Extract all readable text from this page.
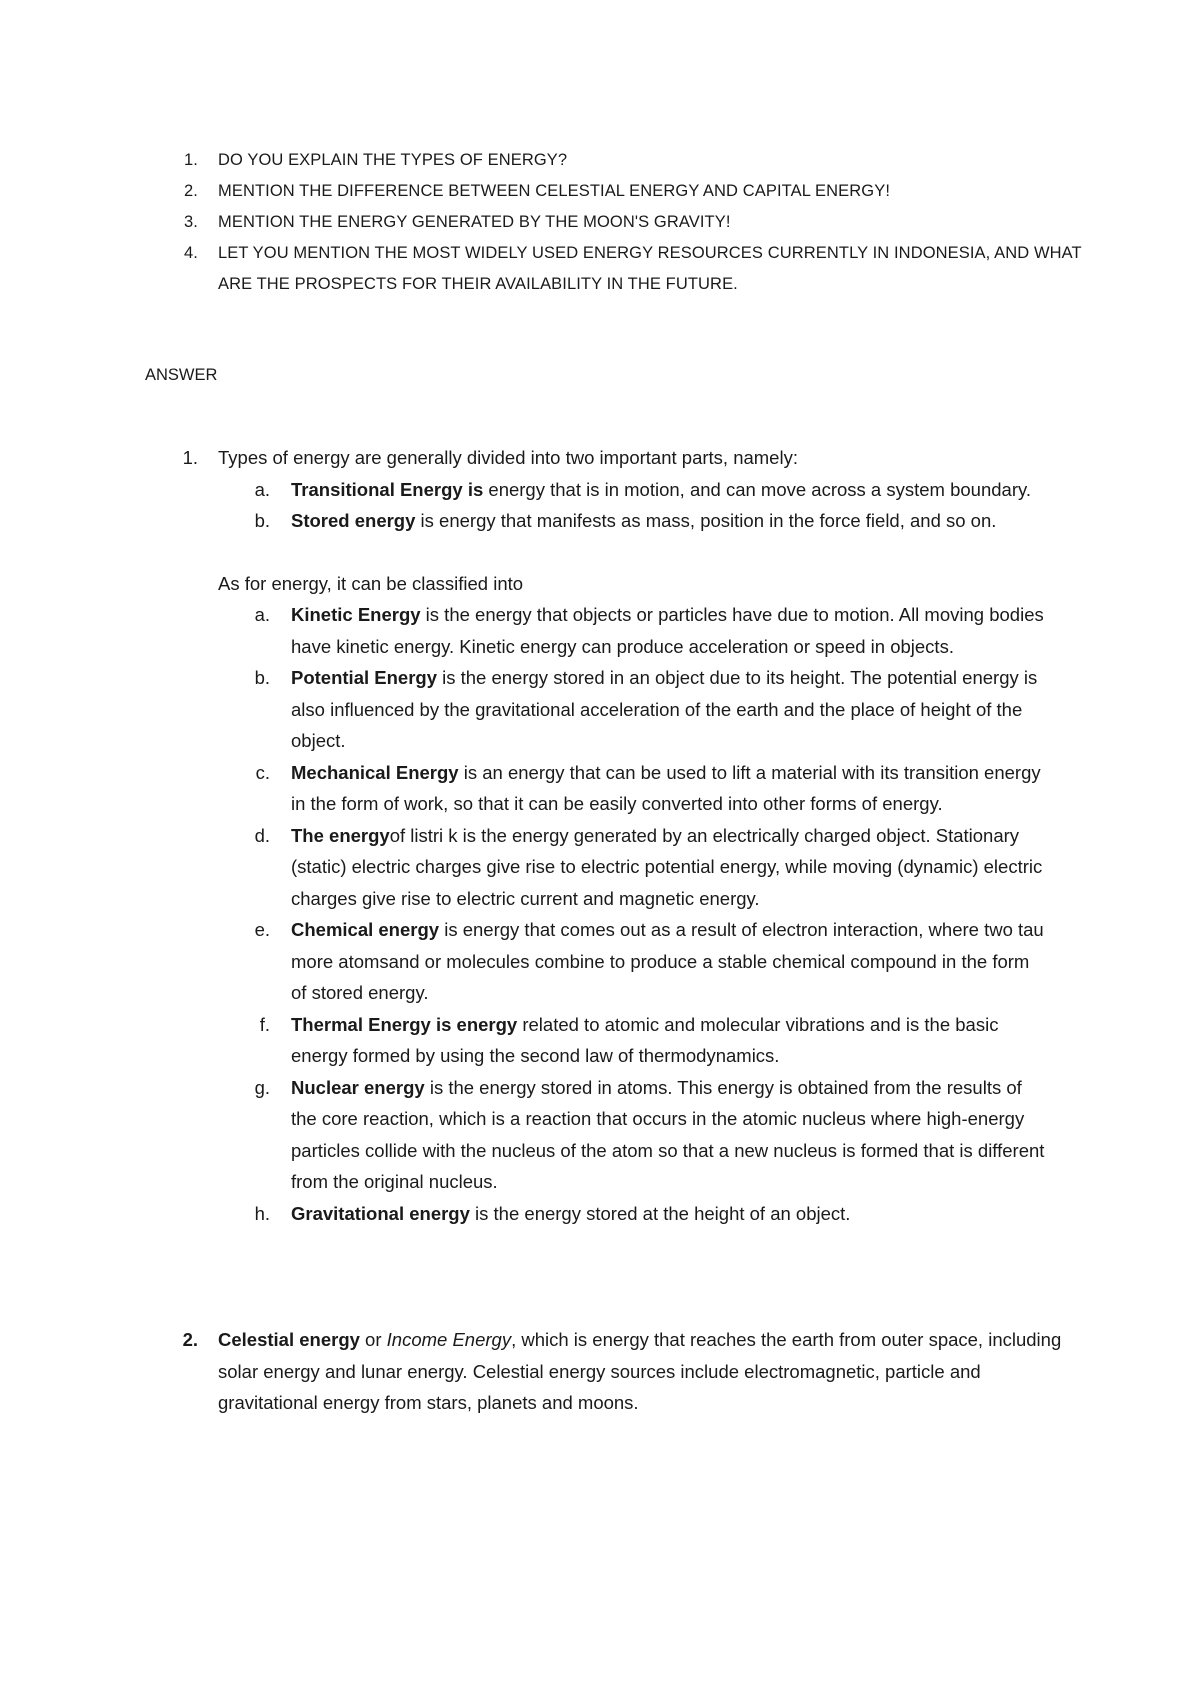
1.	DO YOU EXPLAIN THE TYPES OF ENERGY?
2.	MENTION THE DIFFERENCE BETWEEN CELESTIAL ENERGY AND CAPITAL ENERGY!
3.	MENTION THE ENERGY GENERATED BY THE MOON'S GRAVITY!
4.	LET YOU MENTION THE MOST WIDELY USED ENERGY RESOURCES CURRENTLY IN INDONESIA, AND WHAT ARE THE PROSPECTS FOR THEIR AVAILABILITY IN THE FUTURE.
ANSWER
1.	Types of energy are generally divided into two important parts, namely:
a.	Transitional Energy is energy that is in motion, and can move across a system boundary.
b.	Stored energy is energy that manifests as mass, position in the force field, and so on.
As for energy, it can be classified into
a.	Kinetic Energy is the energy that objects or particles have due to motion. All moving bodies have kinetic energy. Kinetic energy can produce acceleration or speed in objects.
b.	Potential Energy is the energy stored in an object due to its height. The potential energy is also influenced by the gravitational acceleration of the earth and the place of height of the object.
c.	Mechanical Energy is an energy that can be used to lift a material with its transition energy in the form of work, so that it can be easily converted into other forms of energy.
d.	The energyof listri k is the energy generated by an electrically charged object. Stationary (static) electric charges give rise to electric potential energy, while moving (dynamic) electric charges give rise to electric current and magnetic energy.
e.	Chemical energy is energy that comes out as a result of electron interaction, where two tau more atomsand or molecules combine to produce a stable chemical compound in the form of stored energy.
f.	Thermal Energy is energy related to atomic and molecular vibrations and is the basic energy formed by using the second law of thermodynamics.
g.	Nuclear energy is the energy stored in atoms. This energy is obtained from the results of the core reaction, which is a reaction that occurs in the atomic nucleus where high-energy particles collide with the nucleus of the atom so that a new nucleus is formed that is different from the original nucleus.
h.	Gravitational energy is the energy stored at the height of an object.
2.	Celestial energy or Income Energy, which is energy that reaches the earth from outer space, including solar energy and lunar energy. Celestial energy sources include electromagnetic, particle and gravitational energy from stars, planets and moons.
